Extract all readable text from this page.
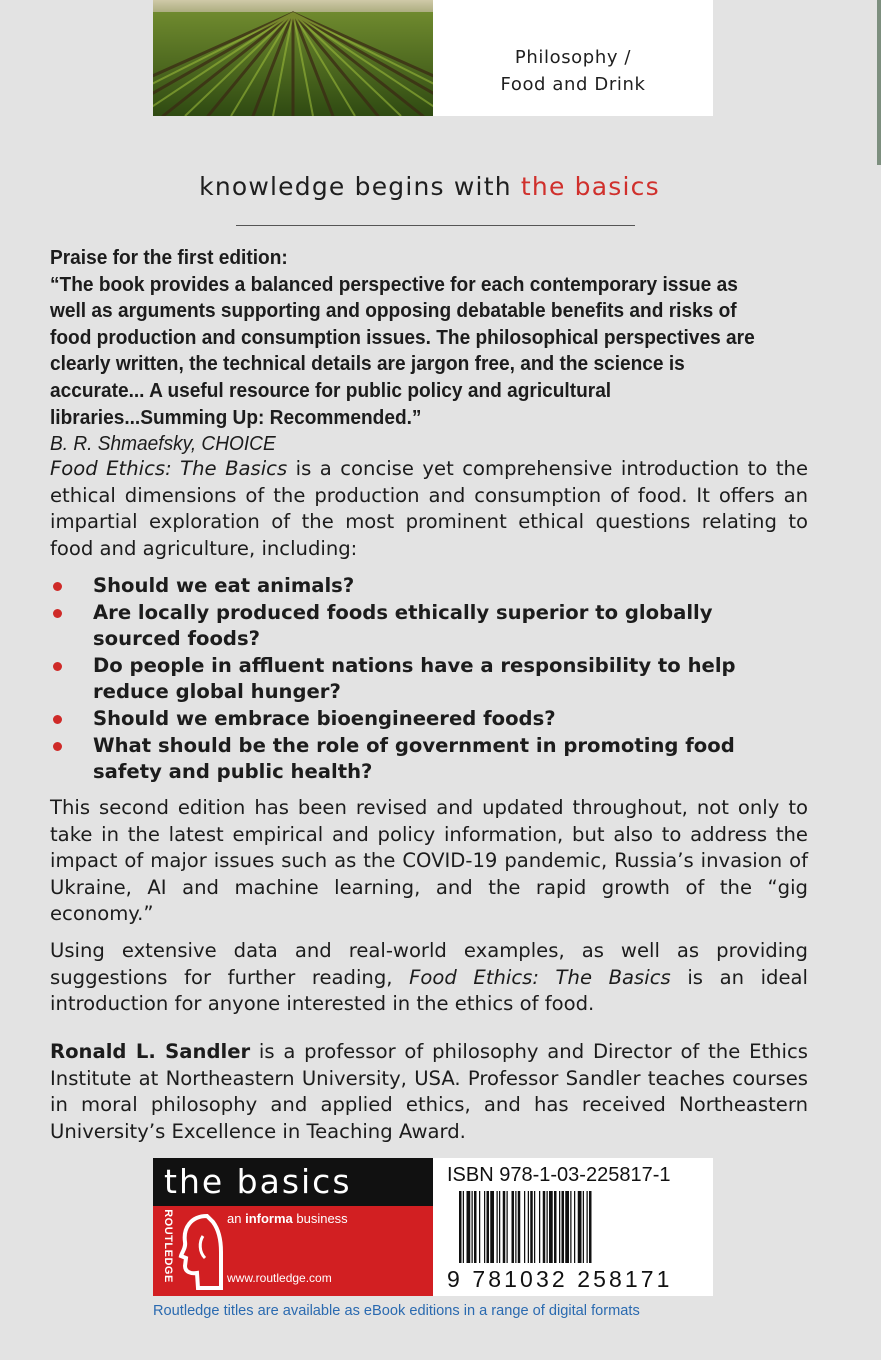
Philosophy /
Food and Drink
knowledge begins with the basics

Praise for the first edition:

“The book provides a balanced perspective for each contemporary issue as well as arguments supporting and opposing debatable benefits and risks of food production and consumption issues. The philosophical perspectives are clearly written, the technical details are jargon free, and the science is accurate... A useful resource for public policy and agricultural libraries...Summing Up: Recommended.”

B. R. Shmaefsky, CHOICE

Food Ethics: The Basics is a concise yet comprehensive introduction to the ethical dimensions of the production and consumption of food. It offers an impartial exploration of the most prominent ethical questions relating to food and agriculture, including:

Should we eat animals?
Are locally produced foods ethically superior to globally sourced foods?
Do people in affluent nations have a responsibility to help reduce global hunger?
Should we embrace bioengineered foods?
What should be the role of government in promoting food safety and public health?

This second edition has been revised and updated throughout, not only to take in the latest empirical and policy information, but also to address the impact of major issues such as the COVID-19 pandemic, Russia’s invasion of Ukraine, AI and machine learning, and the rapid growth of the “gig economy.”

Using extensive data and real-world examples, as well as providing suggestions for further reading, Food Ethics: The Basics is an ideal introduction for anyone interested in the ethics of food.

Ronald L. Sandler is a professor of philosophy and Director of the Ethics Institute at Northeastern University, USA. Professor Sandler teaches courses in moral philosophy and applied ethics, and has received Northeastern University’s Excellence in Teaching Award.

the basics
ROUTLEDGE	an informa business
www.routledge.com
ISBN 978-1-03-225817-1
9 781032 258171
Routledge titles are available as eBook editions in a range of digital formats
